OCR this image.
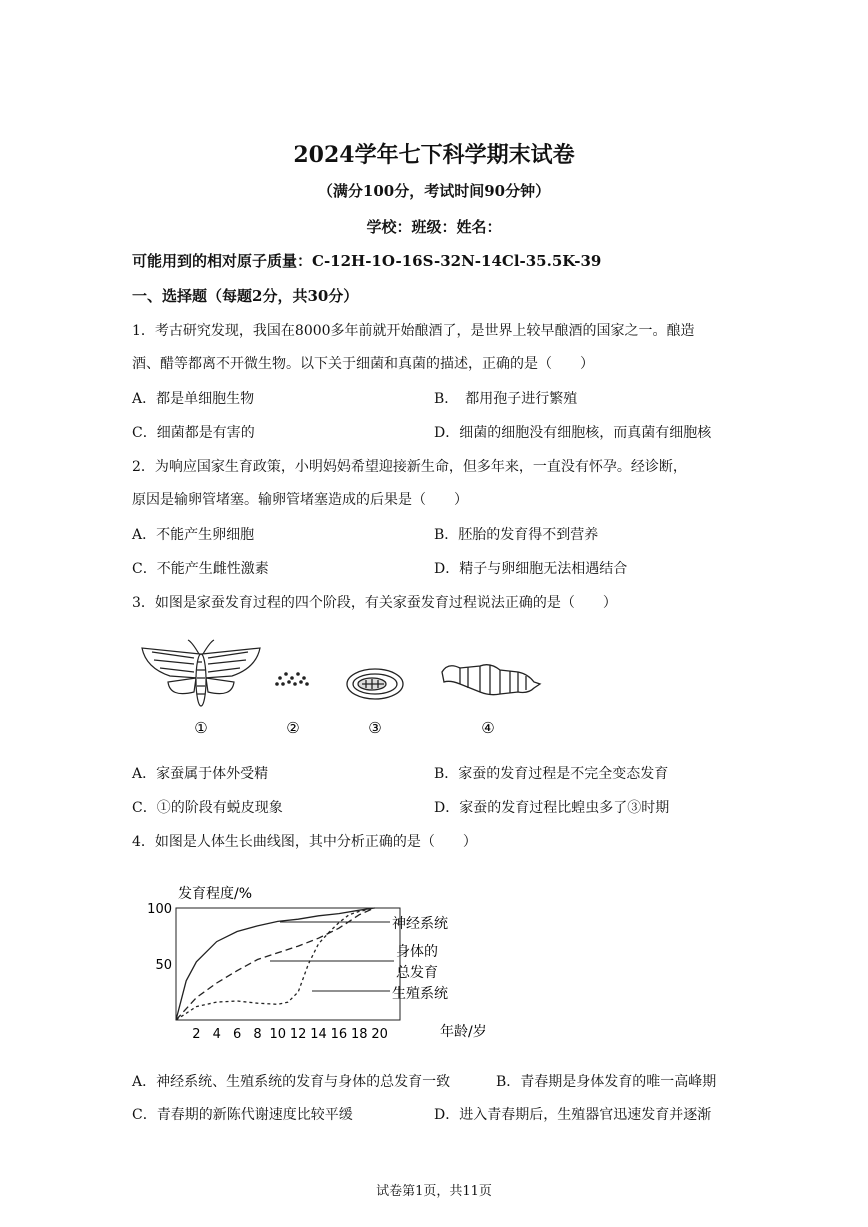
2024学年七下科学期末试卷
（满分100分，考试时间90分钟）
学校：班级：姓名：
可能用到的相对原子质量：C-12H-1O-16S-32N-14Cl-35.5K-39
一、选择题（每题2分，共30分）
1．考古研究发现，我国在8000多年前就开始酿酒了，是世界上较早酿酒的国家之一。酿造
酒、醋等都离不开微生物。以下关于细菌和真菌的描述，正确的是（　　）
A．都是单细胞生物	B．　都用孢子进行繁殖
C．细菌都是有害的	D．细菌的细胞没有细胞核，而真菌有细胞核
2．为响应国家生育政策，小明妈妈希望迎接新生命，但多年来，一直没有怀孕。经诊断，
原因是输卵管堵塞。输卵管堵塞造成的后果是（　　）
A．不能产生卵细胞	B．胚胎的发育得不到营养
C．不能产生雌性激素	D．精子与卵细胞无法相遇结合
3．如图是家蚕发育过程的四个阶段，有关家蚕发育过程说法正确的是（　　）
①	②	③	④
A．家蚕属于体外受精	B．家蚕的发育过程是不完全变态发育
C．①的阶段有蜕皮现象	D．家蚕的发育过程比蝗虫多了③时期
4．如图是人体生长曲线图，其中分析正确的是（　　）
发育程度/%
年龄/岁
50
100
2 4 6 8 10 12 14 16 18 20
神经系统
身体的
总发育
生殖系统
A．神经系统、生殖系统的发育与身体的总发育一致	B．青春期是身体发育的唯一高峰期
C．青春期的新陈代谢速度比较平缓	D．进入青春期后，生殖器官迅速发育并逐渐
试卷第1页，共11页
